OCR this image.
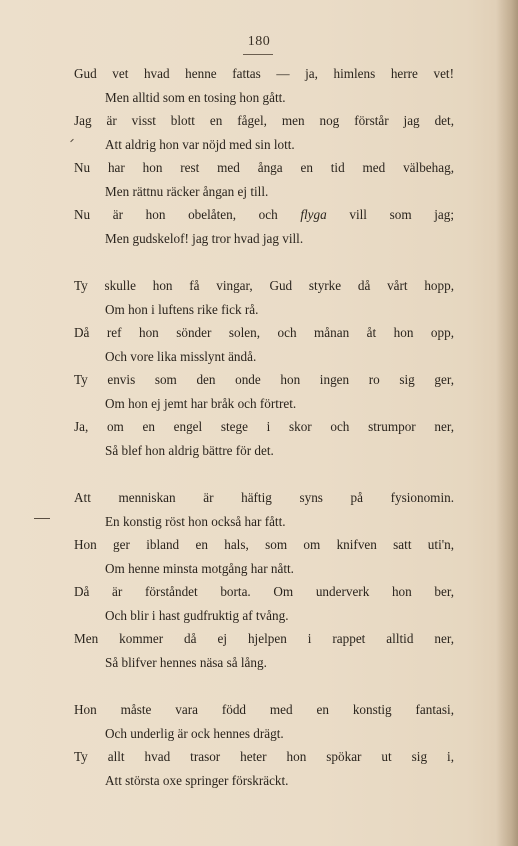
180
Gud vet hvad henne fattas — ja, himlens herre vet!
Men alltid som en tosing hon gått.
Jag är visst blott en fågel, men nog förstår jag det,
Att aldrig hon var nöjd med sin lott.
Nu har hon rest med ånga en tid med välbehag,
Men rättnu räcker ångan ej till.
Nu är hon obelåten, och flyga vill som jag;
Men gudskelof! jag tror hvad jag vill.
Ty skulle hon få vingar, Gud styrke då vårt hopp,
Om hon i luftens rike fick rå.
Då ref hon sönder solen, och månan åt hon opp,
Och vore lika misslynt ändå.
Ty envis som den onde hon ingen ro sig ger,
Om hon ej jemt har bråk och förtret.
Ja, om en engel stege i skor och strumpor ner,
Så blef hon aldrig bättre för det.
Att menniskan är häftig syns på fysionomin.
En konstig röst hon också har fått.
Hon ger ibland en hals, som om knifven satt uti'n,
Om henne minsta motgång har nått.
Då är förståndet borta. Om underverk hon ber,
Och blir i hast gudfruktig af tvång.
Men kommer då ej hjelpen i rappet alltid ner,
Så blifver hennes näsa så lång.
Hon måste vara född med en konstig fantasi,
Och underlig är ock hennes drägt.
Ty allt hvad trasor heter hon spökar ut sig i,
Att största oxe springer förskräckt.
